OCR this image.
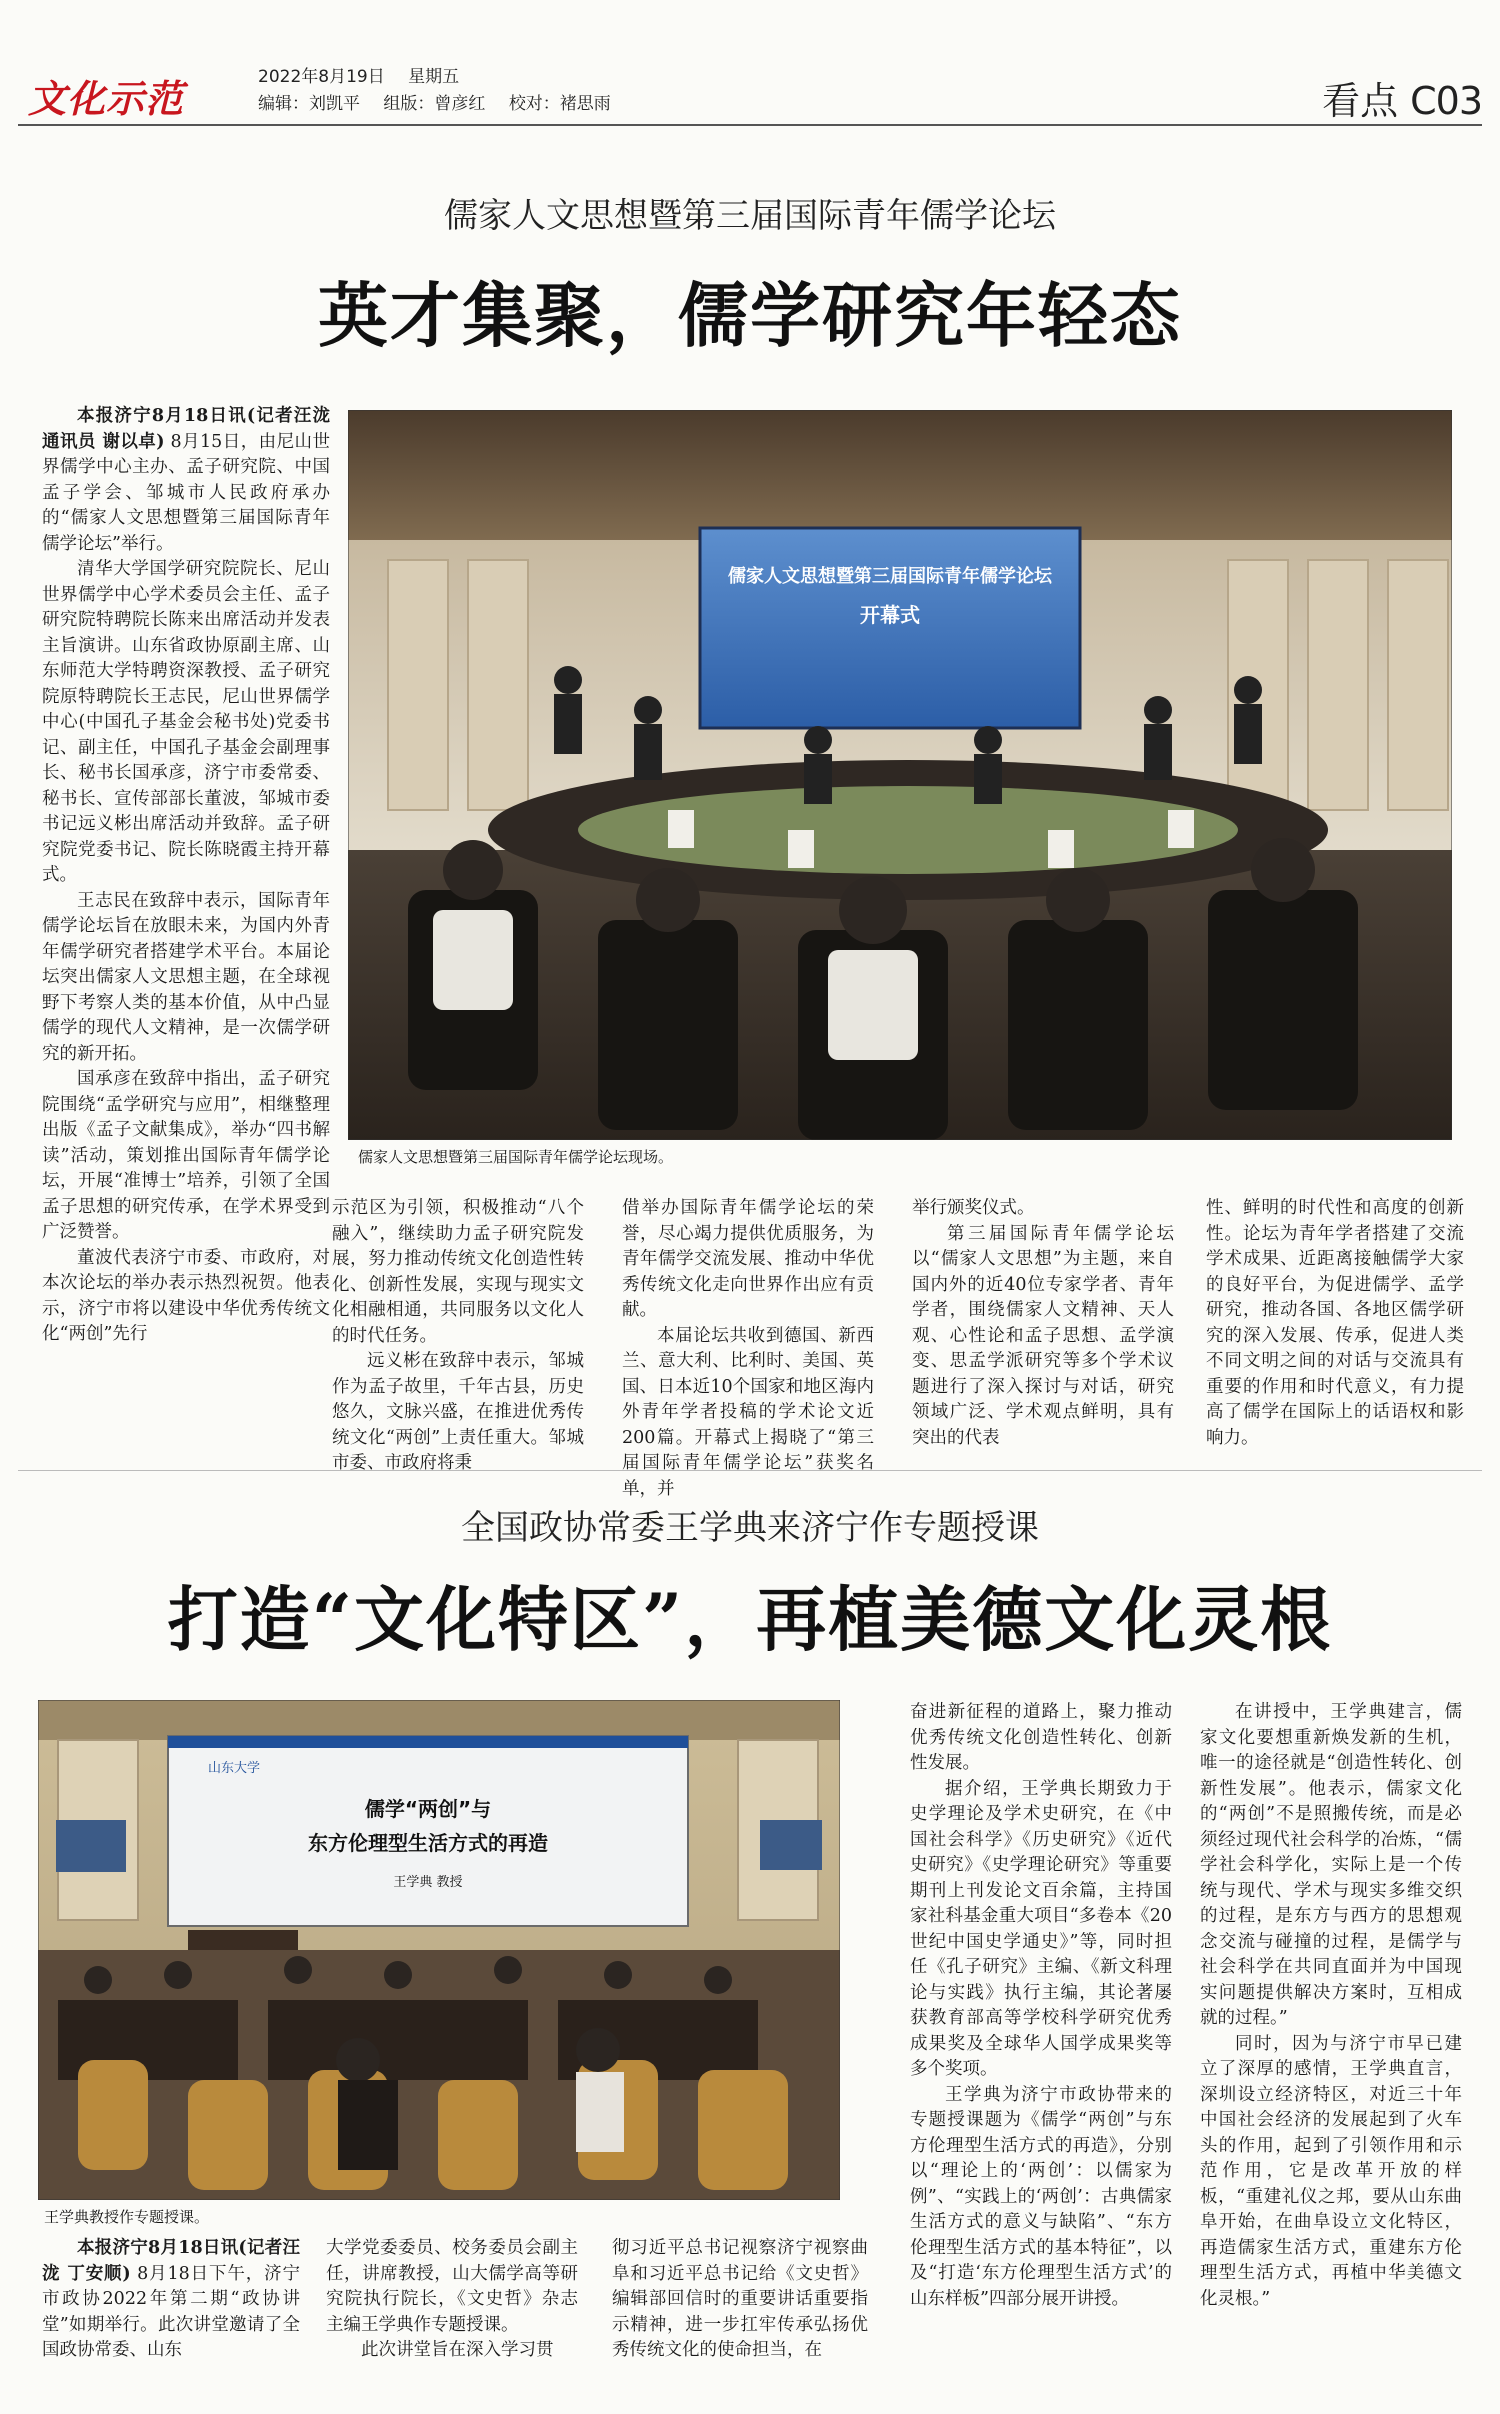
文化示范	2022年8月19日 星期五
编辑：刘凯平 组版：曾彦红 校对：褚思雨	看点 C03
儒家人文思想暨第三届国际青年儒学论坛
英才集聚，儒学研究年轻态
儒家人文思想暨第三届国际青年儒学论坛
开幕式
儒家人文思想暨第三届国际青年儒学论坛现场。

本报济宁8月18日讯(记者汪泷 通讯员 谢以卓) 8月15日，由尼山世界儒学中心主办、孟子研究院、中国孟子学会、邹城市人民政府承办的“儒家人文思想暨第三届国际青年儒学论坛”举行。

清华大学国学研究院院长、尼山世界儒学中心学术委员会主任、孟子研究院特聘院长陈来出席活动并发表主旨演讲。山东省政协原副主席、山东师范大学特聘资深教授、孟子研究院原特聘院长王志民，尼山世界儒学中心(中国孔子基金会秘书处)党委书记、副主任，中国孔子基金会副理事长、秘书长国承彦，济宁市委常委、秘书长、宣传部部长董波，邹城市委书记远义彬出席活动并致辞。孟子研究院党委书记、院长陈晓霞主持开幕式。

王志民在致辞中表示，国际青年儒学论坛旨在放眼未来，为国内外青年儒学研究者搭建学术平台。本届论坛突出儒家人文思想主题，在全球视野下考察人类的基本价值，从中凸显儒学的现代人文精神，是一次儒学研究的新开拓。

国承彦在致辞中指出，孟子研究院围绕“孟学研究与应用”，相继整理出版《孟子文献集成》，举办“四书解读”活动，策划推出国际青年儒学论坛，开展“准博士”培养，引领了全国孟子思想的研究传承，在学术界受到广泛赞誉。

董波代表济宁市委、市政府，对本次论坛的举办表示热烈祝贺。他表示，济宁市将以建设中华优秀传统文化“两创”先行

示范区为引领，积极推动“八个融入”，继续助力孟子研究院发展，努力推动传统文化创造性转化、创新性发展，实现与现实文化相融相通，共同服务以文化人的时代任务。

远义彬在致辞中表示，邹城作为孟子故里，千年古县，历史悠久，文脉兴盛，在推进优秀传统文化“两创”上责任重大。邹城市委、市政府将秉

借举办国际青年儒学论坛的荣誉，尽心竭力提供优质服务，为青年儒学交流发展、推动中华优秀传统文化走向世界作出应有贡献。

本届论坛共收到德国、新西兰、意大利、比利时、美国、英国、日本近10个国家和地区海内外青年学者投稿的学术论文近200篇。开幕式上揭晓了“第三届国际青年儒学论坛”获奖名单，并

举行颁奖仪式。

第三届国际青年儒学论坛以“儒家人文思想”为主题，来自国内外的近40位专家学者、青年学者，围绕儒家人文精神、天人观、心性论和孟子思想、孟学演变、思孟学派研究等多个学术议题进行了深入探讨与对话，研究领域广泛、学术观点鲜明，具有突出的代表

性、鲜明的时代性和高度的创新性。论坛为青年学者搭建了交流学术成果、近距离接触儒学大家的良好平台，为促进儒学、孟学研究，推动各国、各地区儒学研究的深入发展、传承，促进人类不同文明之间的对话与交流具有重要的作用和时代意义，有力提高了儒学在国际上的话语权和影响力。

全国政协常委王学典来济宁作专题授课
打造“文化特区”，再植美德文化灵根
山东大学
儒学“两创”与
东方伦理型生活方式的再造
王学典 教授
王学典教授作专题授课。

本报济宁8月18日讯(记者汪泷 丁安顺) 8月18日下午，济宁市政协2022年第二期“政协讲堂”如期举行。此次讲堂邀请了全国政协常委、山东

大学党委委员、校务委员会副主任，讲席教授，山大儒学高等研究院执行院长，《文史哲》杂志主编王学典作专题授课。

此次讲堂旨在深入学习贯

彻习近平总书记视察济宁视察曲阜和习近平总书记给《文史哲》编辑部回信时的重要讲话重要指示精神，进一步扛牢传承弘扬优秀传统文化的使命担当，在

奋进新征程的道路上，聚力推动优秀传统文化创造性转化、创新性发展。

据介绍，王学典长期致力于史学理论及学术史研究，在《中国社会科学》《历史研究》《近代史研究》《史学理论研究》等重要期刊上刊发论文百余篇，主持国家社科基金重大项目“多卷本《20世纪中国史学通史》”等，同时担任《孔子研究》主编、《新文科理论与实践》执行主编，其论著屡获教育部高等学校科学研究优秀成果奖及全球华人国学成果奖等多个奖项。

王学典为济宁市政协带来的专题授课题为《儒学“两创”与东方伦理型生活方式的再造》，分别以“理论上的‘两创’：以儒家为例”、“实践上的‘两创’：古典儒家生活方式的意义与缺陷”、“东方伦理型生活方式的基本特征”，以及“打造‘东方伦理型生活方式’的山东样板”四部分展开讲授。

在讲授中，王学典建言，儒家文化要想重新焕发新的生机，唯一的途径就是“创造性转化、创新性发展”。他表示，儒家文化的“两创”不是照搬传统，而是必须经过现代社会科学的冶炼，“儒学社会科学化，实际上是一个传统与现代、学术与现实多维交织的过程，是东方与西方的思想观念交流与碰撞的过程，是儒学与社会科学在共同直面并为中国现实问题提供解决方案时，互相成就的过程。”

同时，因为与济宁市早已建立了深厚的感情，王学典直言，深圳设立经济特区，对近三十年中国社会经济的发展起到了火车头的作用，起到了引领作用和示范作用，它是改革开放的样板，“重建礼仪之邦，要从山东曲阜开始，在曲阜设立文化特区，再造儒家生活方式，重建东方伦理型生活方式，再植中华美德文化灵根。”
